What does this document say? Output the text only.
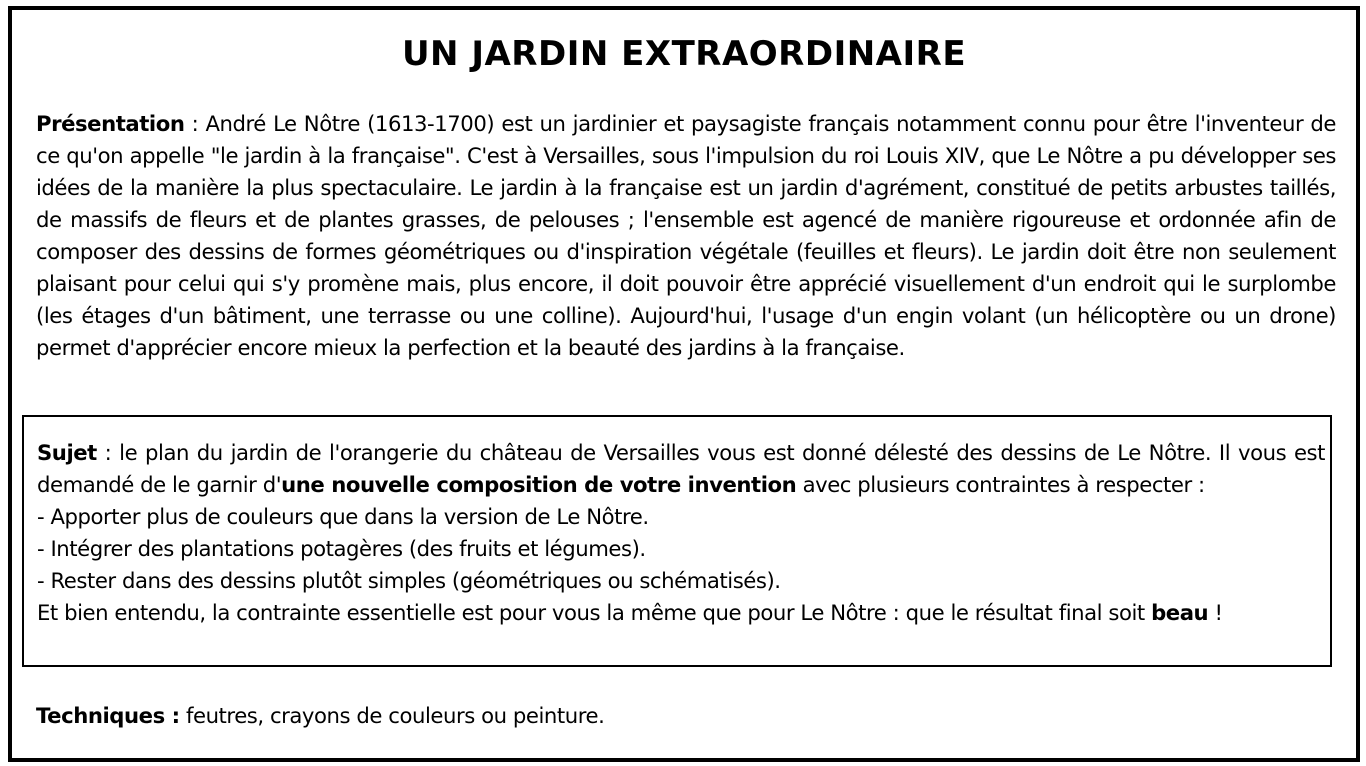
UN JARDIN EXTRAORDINAIRE

Présentation : André Le Nôtre (1613-1700) est un jardinier et paysagiste français notamment connu pour être l'inventeur de ce qu'on appelle "le jardin à la française". C'est à Versailles, sous l'impulsion du roi Louis XIV, que Le Nôtre a pu développer ses idées de la manière la plus spectaculaire. Le jardin à la française est un jardin d'agrément, constitué de petits arbustes taillés, de massifs de fleurs et de plantes grasses, de pelouses ; l'ensemble est agencé de manière rigoureuse et ordonnée afin de composer des dessins de formes géométriques ou d'inspiration végétale (feuilles et fleurs). Le jardin doit être non seulement plaisant pour celui qui s'y promène mais, plus encore, il doit pouvoir être apprécié visuellement d'un endroit qui le surplombe (les étages d'un bâtiment, une terrasse ou une colline). Aujourd'hui, l'usage d'un engin volant (un hélicoptère ou un drone) permet d'apprécier encore mieux la perfection et la beauté des jardins à la française.

Sujet : le plan du jardin de l'orangerie du château de Versailles vous est donné délesté des dessins de Le Nôtre. Il vous est demandé de le garnir d'une nouvelle composition de votre invention avec plusieurs contraintes à respecter :
- Apporter plus de couleurs que dans la version de Le Nôtre.
- Intégrer des plantations potagères (des fruits et légumes).
- Rester dans des dessins plutôt simples (géométriques ou schématisés).
Et bien entendu, la contrainte essentielle est pour vous la même que pour Le Nôtre : que le résultat final soit beau !

Techniques : feutres, crayons de couleurs ou peinture.
